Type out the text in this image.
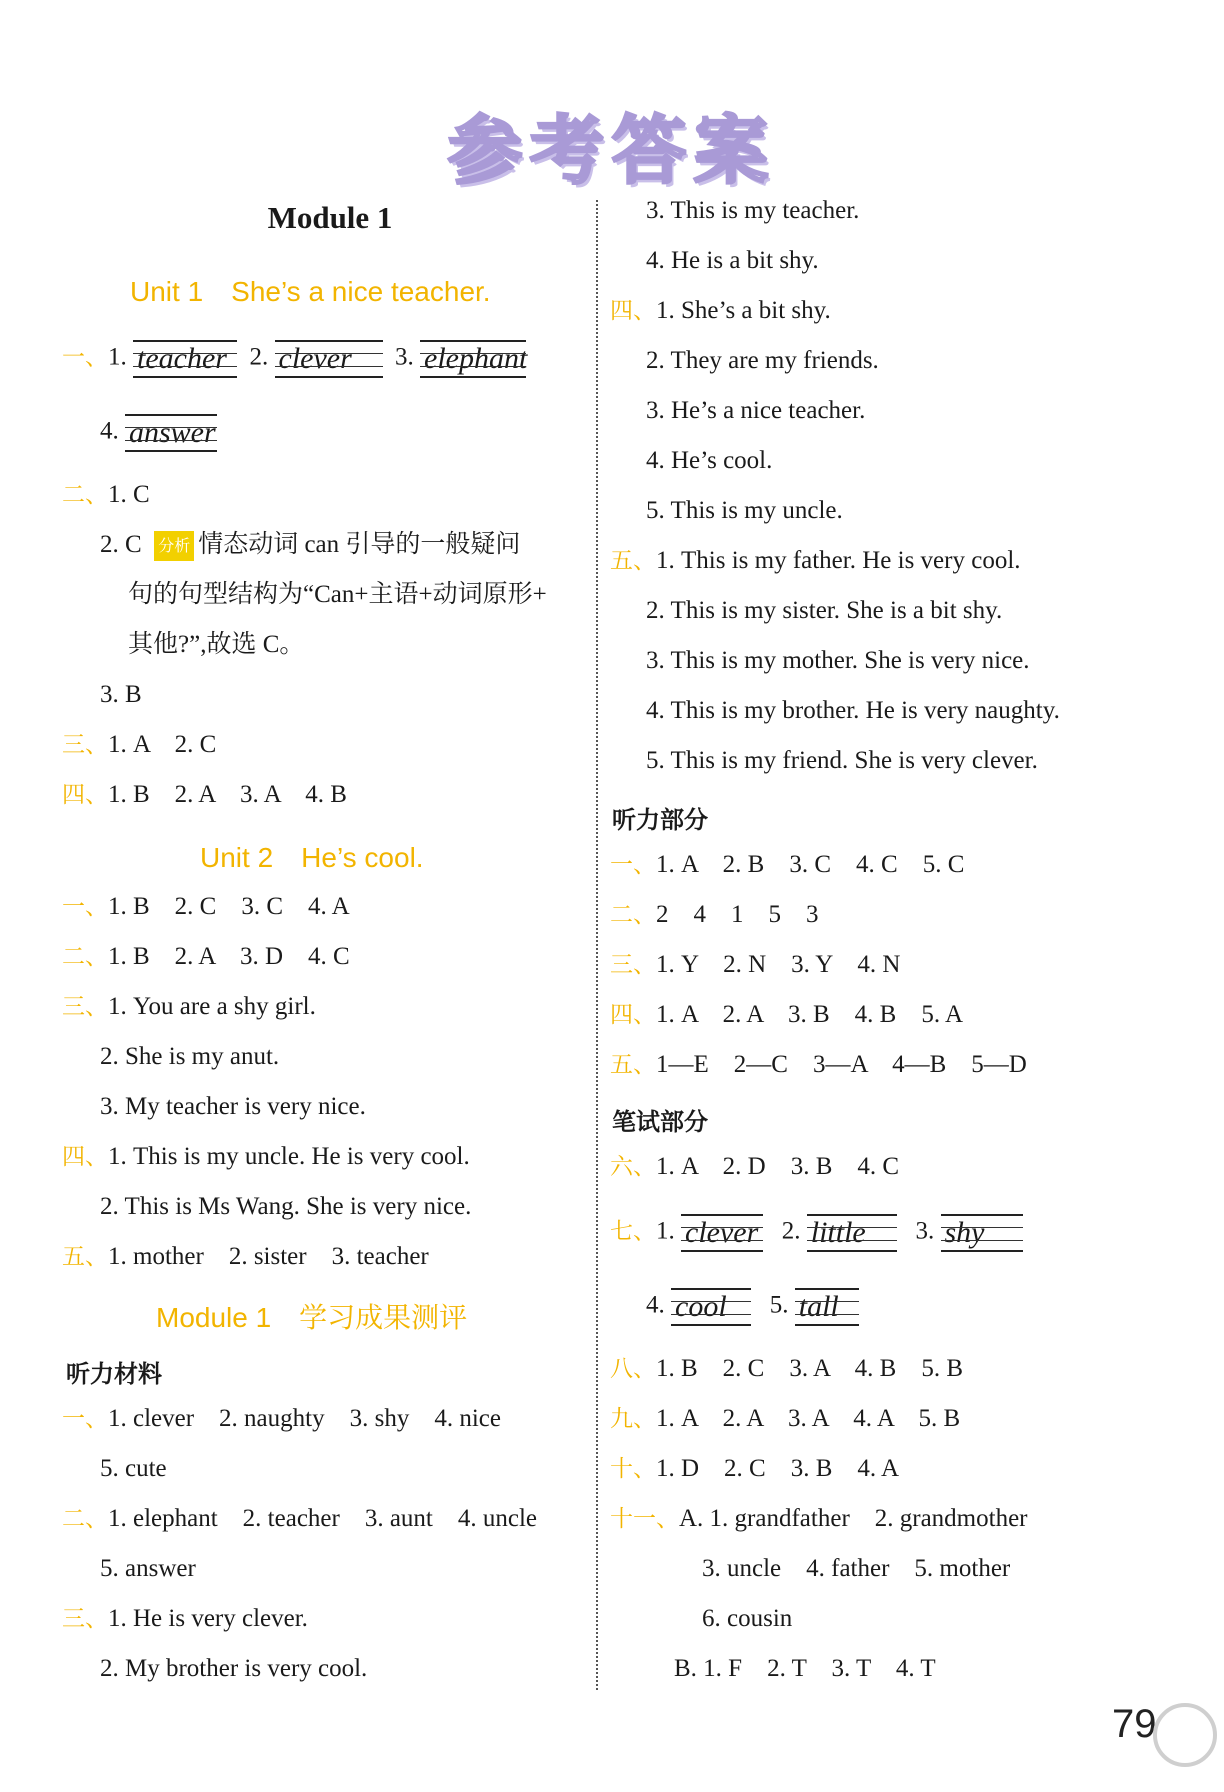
参考答案
Module 1
Unit 1　She’s a nice teacher.
一、1. teacher 2. clever 3. elephant
4. answer
二、1. C
2. C 分析 情态动词 can 引导的一般疑问
句的句型结构为“Can+主语+动词原形+
其他?”,故选 C。
3. B
三、1. A　2. C
四、1. B　2. A　3. A　4. B
Unit 2　He’s cool.
一、1. B　2. C　3. C　4. A
二、1. B　2. A　3. D　4. C
三、1. You are a shy girl.
2. She is my anut.
3. My teacher is very nice.
四、1. This is my uncle. He is very cool.
2. This is Ms Wang. She is very nice.
五、1. mother　2. sister　3. teacher
Module 1　学习成果测评
听力材料
一、1. clever　2. naughty　3. shy　4. nice
5. cute
二、1. elephant　2. teacher　3. aunt　4. uncle
5. answer
三、1. He is very clever.
2. My brother is very cool.
3. This is my teacher.
4. He is a bit shy.
四、1. She’s a bit shy.
2. They are my friends.
3. He’s a nice teacher.
4. He’s cool.
5. This is my uncle.
五、1. This is my father. He is very cool.
2. This is my sister. She is a bit shy.
3. This is my mother. She is very nice.
4. This is my brother. He is very naughty.
5. This is my friend. She is very clever.
听力部分
一、1. A　2. B　3. C　4. C　5. C
二、2　4　1　5　3
三、1. Y　2. N　3. Y　4. N
四、1. A　2. A　3. B　4. B　5. A
五、1—E　2—C　3—A　4—B　5—D
笔试部分
六、1. A　2. D　3. B　4. C
七、1. clever 2. little 3. shy
4. cool 5. tall
八、1. B　2. C　3. A　4. B　5. B
九、1. A　2. A　3. A　4. A　5. B
十、1. D　2. C　3. B　4. A
十一、A. 1. grandfather　2. grandmother
3. uncle　4. father　5. mother
6. cousin
B. 1. F　2. T　3. T　4. T
79
